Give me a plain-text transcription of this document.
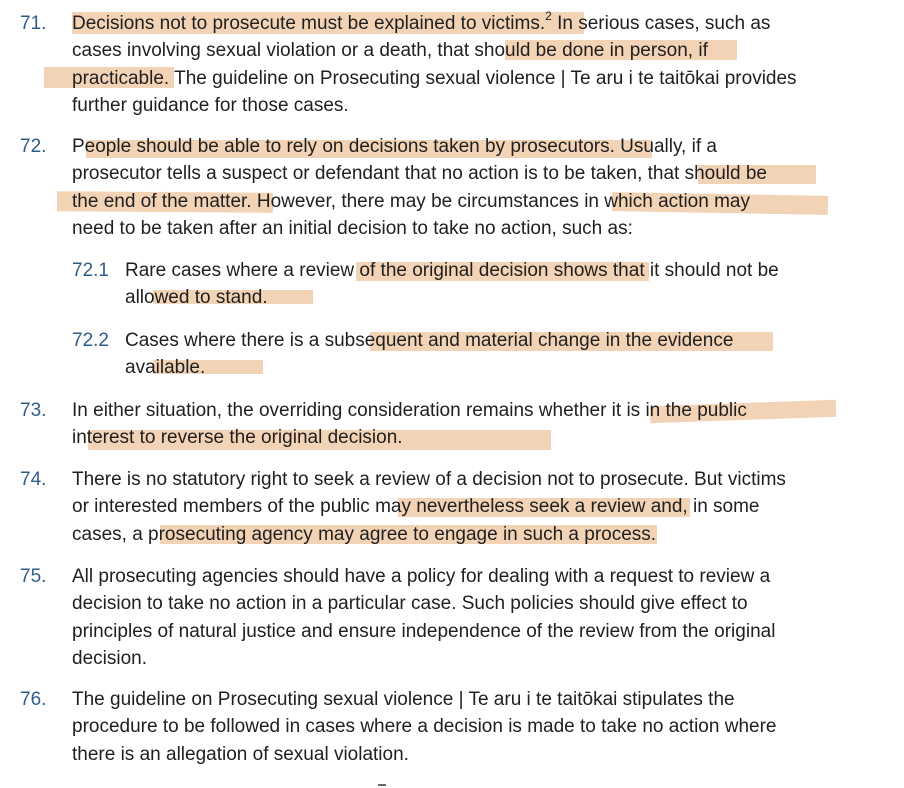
71. Decisions not to prosecute must be explained to victims.$^2$ In serious cases, such as
cases involving sexual violation or a death, that should be done in person, if
practicable. The guideline on Prosecuting sexual violence | Te aru i te taitōkai provides
further guidance for those cases.
72. People should be able to rely on decisions taken by prosecutors. Usually, if a
prosecutor tells a suspect or defendant that no action is to be taken, that should be
the end of the matter. However, there may be circumstances in which action may
need to be taken after an initial decision to take no action, such as:
72.1 Rare cases where a review of the original decision shows that it should not be
allowed to stand.
72.2 Cases where there is a subsequent and material change in the evidence
available.
73. In either situation, the overriding consideration remains whether it is in the public
interest to reverse the original decision.
74. There is no statutory right to seek a review of a decision not to prosecute. But victims
or interested members of the public may nevertheless seek a review and, in some
cases, a prosecuting agency may agree to engage in such a process.
75. All prosecuting agencies should have a policy for dealing with a request to review a
decision to take no action in a particular case. Such policies should give effect to
principles of natural justice and ensure independence of the review from the original
decision.
76. The guideline on Prosecuting sexual violence | Te aru i te taitōkai stipulates the
procedure to be followed in cases where a decision is made to take no action where
there is an allegation of sexual violation.
